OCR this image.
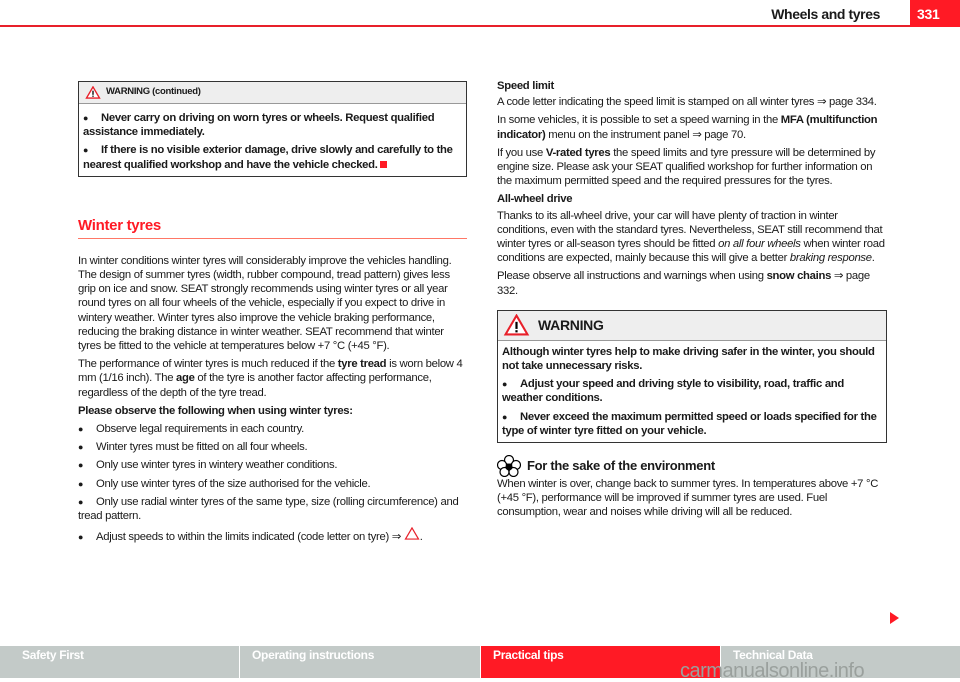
Wheels and tyres	331
WARNING (continued)

● Never carry on driving on worn tyres or wheels. Request qualified assistance immediately.

● If there is no visible exterior damage, drive slowly and carefully to the nearest qualified workshop and have the vehicle checked.

Winter tyres

In winter conditions winter tyres will considerably improve the vehicles handling. The design of summer tyres (width, rubber compound, tread pattern) gives less grip on ice and snow. SEAT strongly recommends using winter tyres or all year round tyres on all four wheels of the vehicle, especially if you expect to drive in wintery weather. Winter tyres also improve the vehicle braking performance, reducing the braking distance in winter weather. SEAT recommend that winter tyres be fitted to the vehicle at temperatures below +7 °C (+45 °F).

The performance of winter tyres is much reduced if the tyre tread is worn below 4 mm (1/16 inch). The age of the tyre is another factor affecting performance, regardless of the depth of the tyre tread.

Please observe the following when using winter tyres:

● Observe legal requirements in each country.

● Winter tyres must be fitted on all four wheels.

● Only use winter tyres in wintery weather conditions.

● Only use winter tyres of the size authorised for the vehicle.

● Only use radial winter tyres of the same type, size (rolling circumference) and tread pattern.

● Adjust speeds to within the limits indicated (code letter on tyre) ⇒ .

Speed limit

A code letter indicating the speed limit is stamped on all winter tyres ⇒ page 334.

In some vehicles, it is possible to set a speed warning in the MFA (multifunction indicator) menu on the instrument panel ⇒ page 70.

If you use V-rated tyres the speed limits and tyre pressure will be determined by engine size. Please ask your SEAT qualified workshop for further information on the maximum permitted speed and the required pressures for the tyres.

All-wheel drive

Thanks to its all-wheel drive, your car will have plenty of traction in winter conditions, even with the standard tyres. Nevertheless, SEAT still recommend that winter tyres or all-season tyres should be fitted on all four wheels when winter road conditions are expected, mainly because this will give a better braking response.

Please observe all instructions and warnings when using snow chains ⇒ page 332.

WARNING

Although winter tyres help to make driving safer in the winter, you should not take unnecessary risks.

● Adjust your speed and driving style to visibility, road, traffic and weather conditions.

● Never exceed the maximum permitted speed or loads specified for the type of winter tyre fitted on your vehicle.

For the sake of the environment

When winter is over, change back to summer tyres. In temperatures above +7 °C (+45 °F), performance will be improved if summer tyres are used. Fuel consumption, wear and noises while driving will all be reduced.

Safety First	Operating instructions	Practical tips	Technical Data
carmanualsonline.info
